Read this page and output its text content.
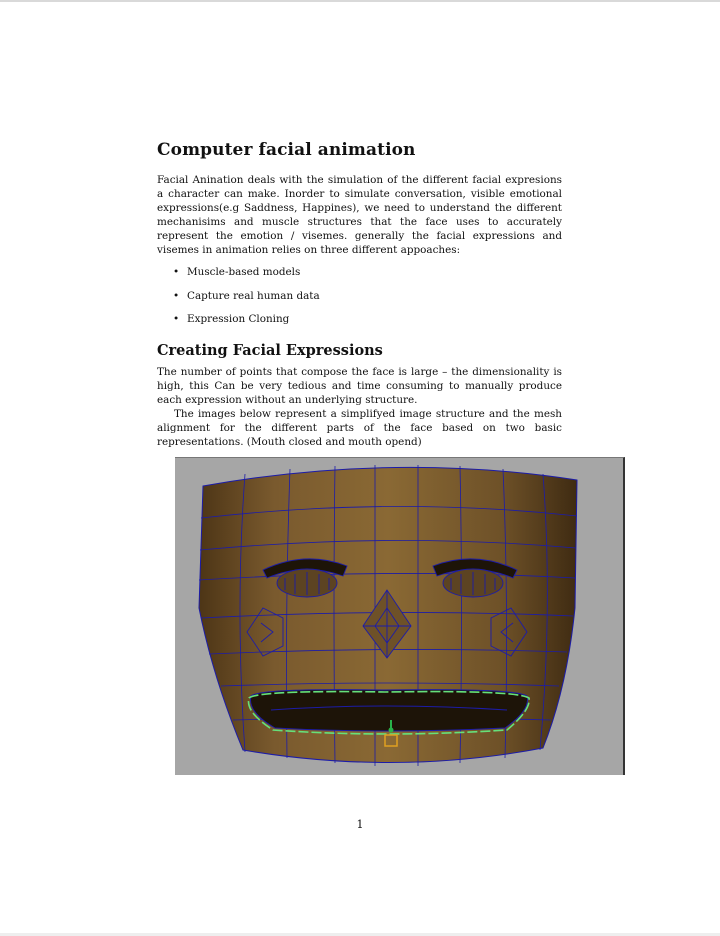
Computer facial animation

Facial Anination deals with the simulation of the different facial expresions a character can make. Inorder to simulate conversation, visible emotional expressions(e.g Saddness, Happines), we need to understand the different mechanisims and muscle structures that the face uses to accurately represent the emotion / visemes. generally the facial expressions and visemes in animation relies on three different appoaches:

• Muscle-based models
• Capture real human data
• Expression Cloning
Creating Facial Expressions

The number of points that compose the face is large – the dimensionality is high, this Can be very tedious and time consuming to manually produce each expression without an underlying structure.

The images below represent a simplifyed image structure and the mesh alignment for the different parts of the face based on two basic representations. (Mouth closed and mouth opend)

1
